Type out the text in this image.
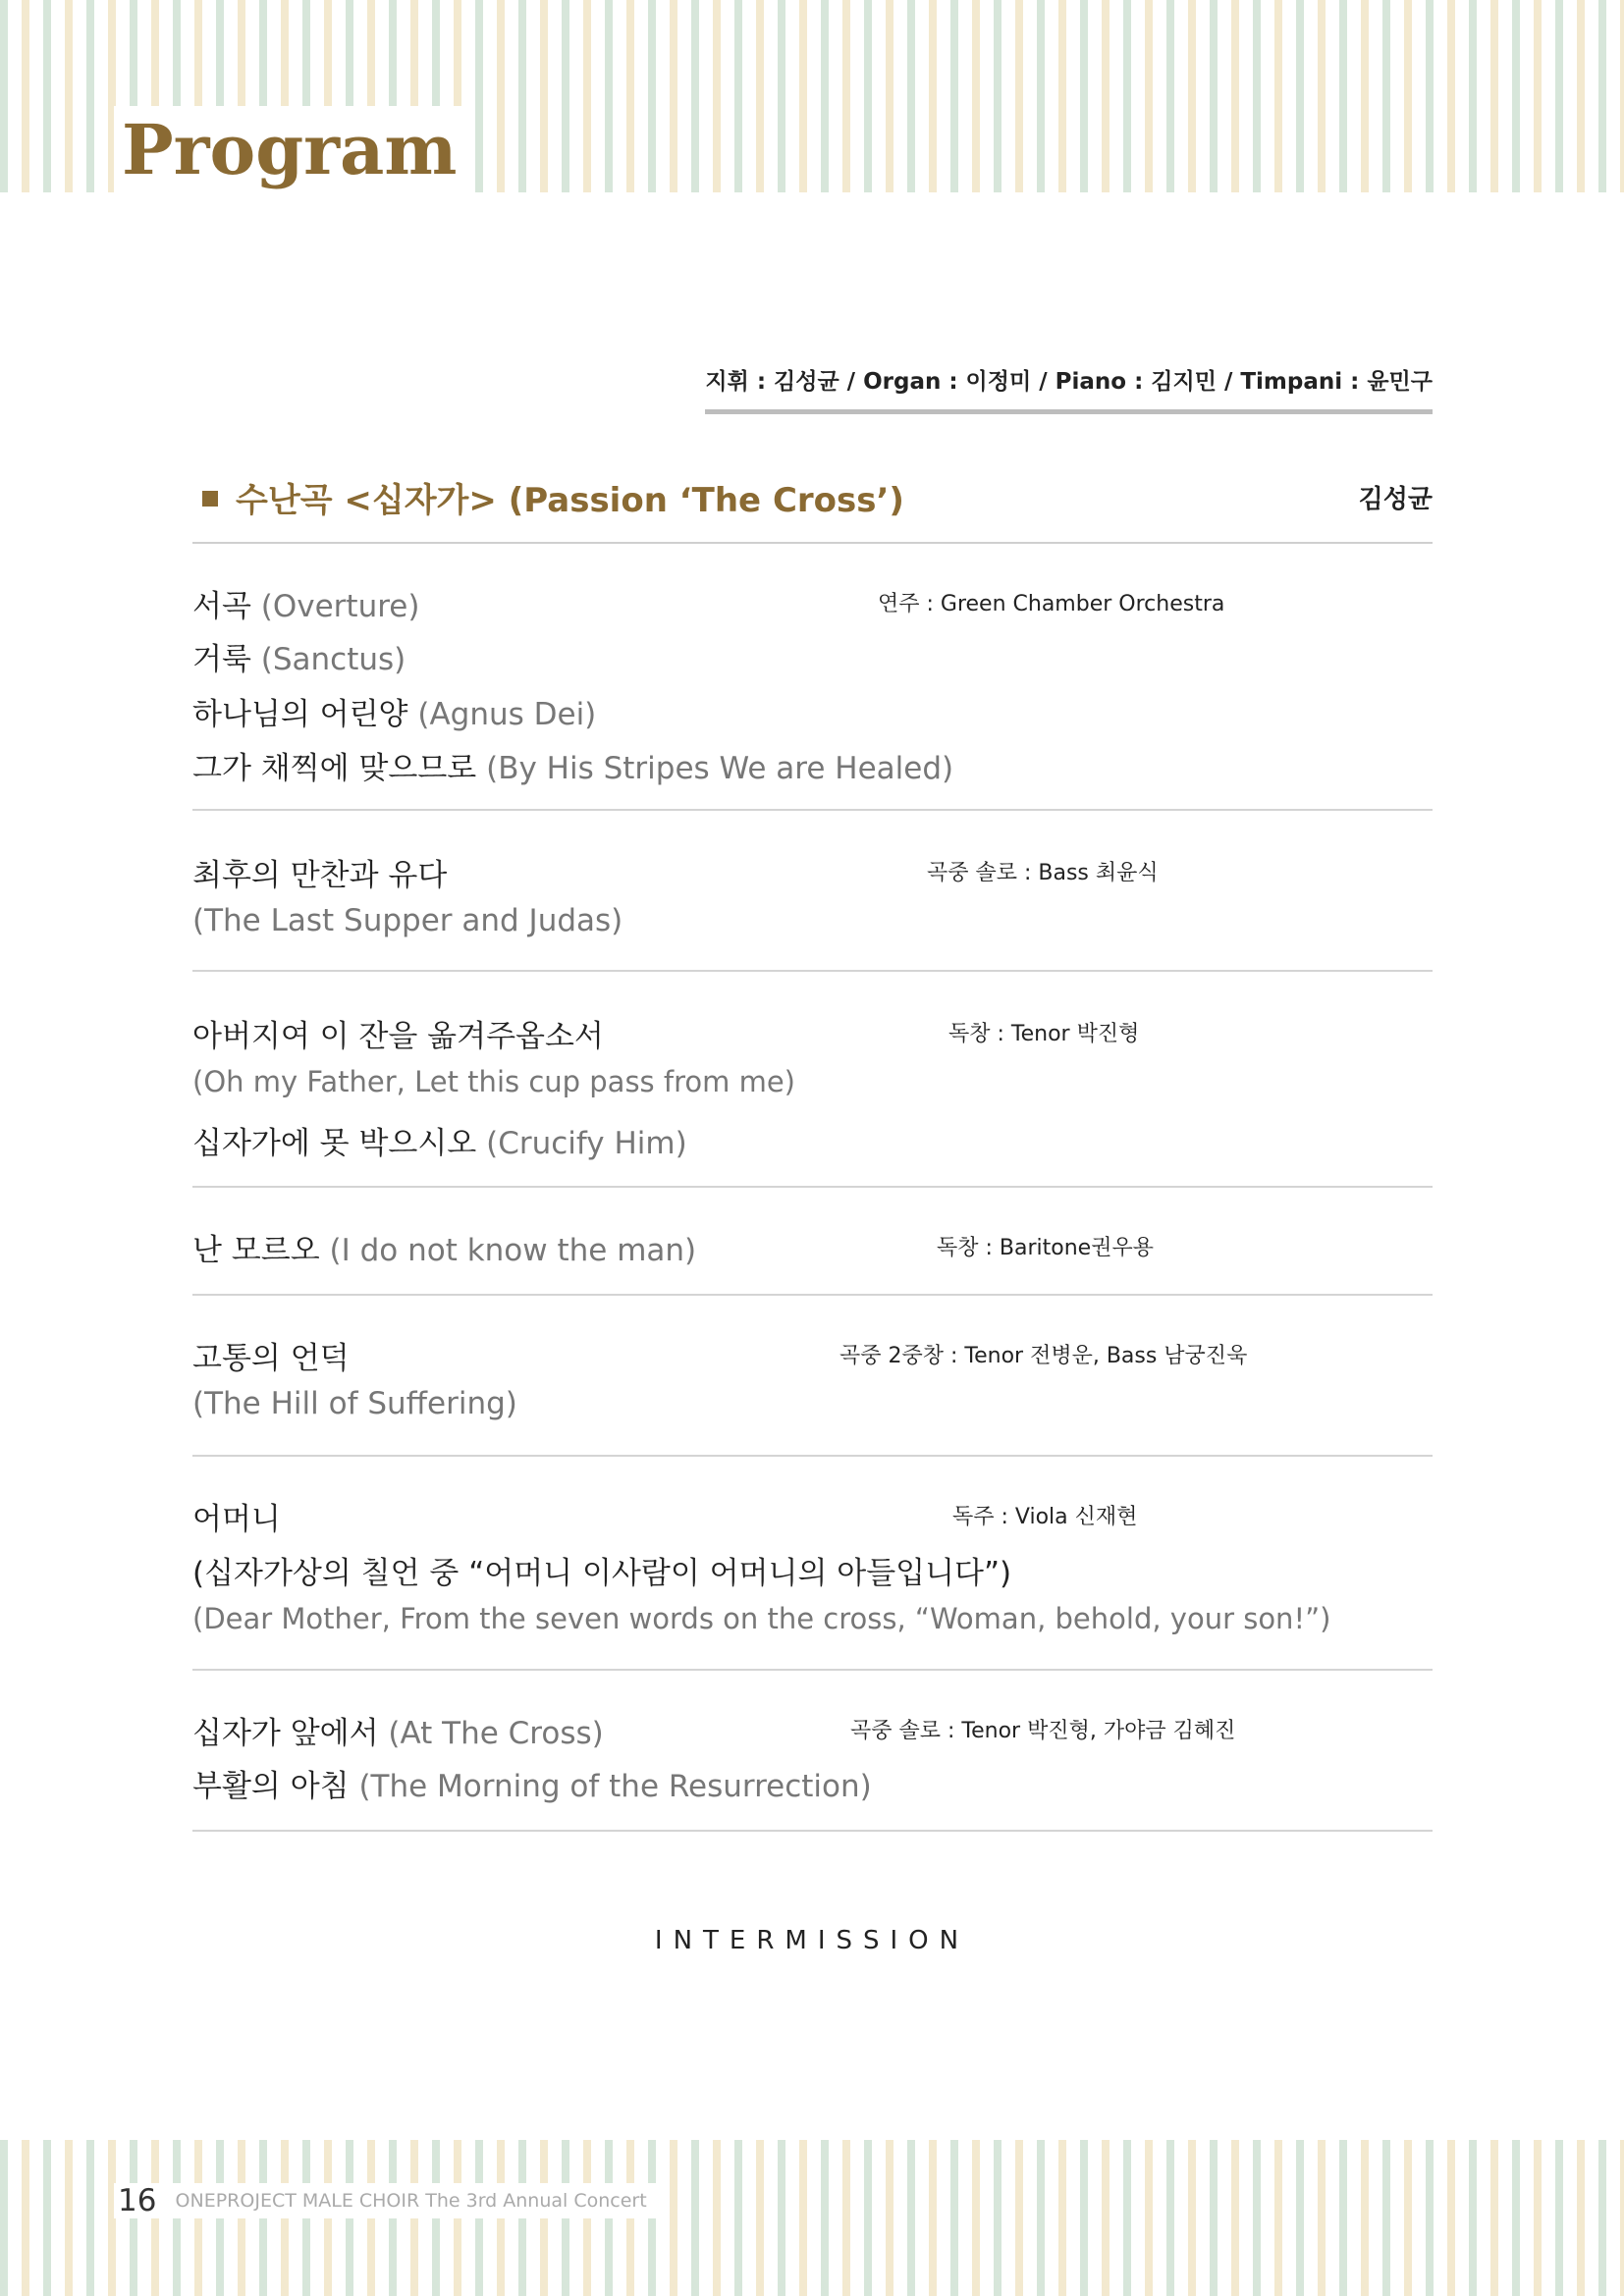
Program
지휘 : 김성균 / Organ : 이정미 / Piano : 김지민 / Timpani : 윤민구
수난곡 <십자가> (Passion ‘The Cross’)	김성균
서곡 (Overture)
거룩 (Sanctus)
하나님의 어린양 (Agnus Dei)
그가 채찍에 맞으므로 (By His Stripes We are Healed)
연주 : Green Chamber Orchestra
최후의 만찬과 유다
(The Last Supper and Judas)
곡중 솔로 : Bass 최윤식
아버지여 이 잔을 옮겨주옵소서
(Oh my Father, Let this cup pass from me)
십자가에 못 박으시오 (Crucify Him)
독창 : Tenor 박진형
난 모르오 (I do not know the man)	독창 : Baritone권우용
고통의 언덕
(The Hill of Suffering)
곡중 2중창 : Tenor 전병운, Bass 남궁진욱
어머니
(십자가상의 칠언 중 “어머니 이사람이 어머니의 아들입니다”)
(Dear Mother, From the seven words on the cross, “Woman, behold, your son!”)
독주 : Viola 신재현
십자가 앞에서 (At The Cross)
부활의 아침 (The Morning of the Resurrection)
곡중 솔로 : Tenor 박진형, 가야금 김혜진
INTERMISSION
16 ONEPROJECT MALE CHOIR The 3rd Annual Concert
